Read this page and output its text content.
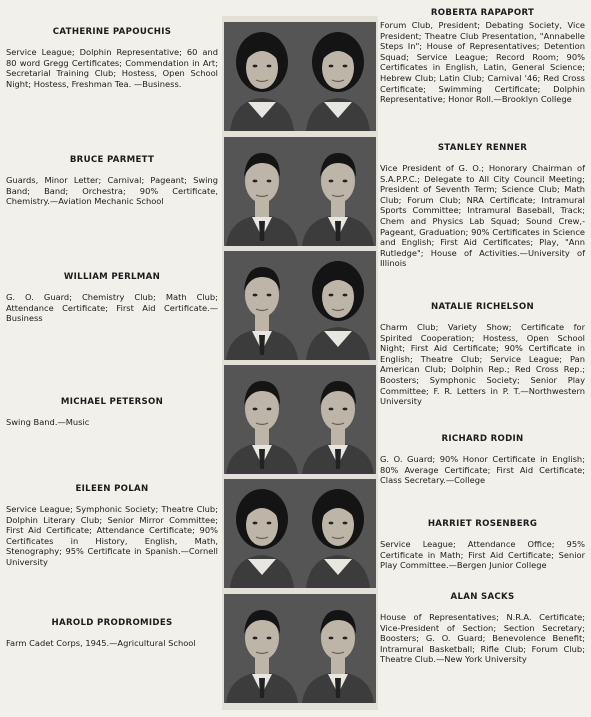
CATHERINE PAPOUCHIS

Service League; Dolphin Representative; 60 and 80 word Gregg Certificates; Commendation in Art; Secretarial Training Club; Hostess, Open School Night; Hostess, Freshman Tea. —Business.

BRUCE PARMETT

Guards, Minor Letter; Carnival; Pageant; Swing Band; Band; Orchestra; 90% Certificate, Chemistry.—Aviation Mechanic School

WILLIAM PERLMAN

G. O. Guard; Chemistry Club; Math Club; Attendance Certificate; First Aid Certificate.—Business

MICHAEL PETERSON

Swing Band.—Music

EILEEN POLAN

Service League; Symphonic Society; Theatre Club; Dolphin Literary Club; Senior Mirror Committee; First Aid Certificate; Attendance Certificate; 90% Certificates in History, English, Math, Stenography; 95% Certificate in Spanish.—Cornell University

HAROLD PRODROMIDES

Farm Cadet Corps, 1945.—Agricultural School

ROBERTA RAPAPORT

Forum Club, President; Debating Society, Vice President; Theatre Club Presentation, "Annabelle Steps In"; House of Representatives; Detention Squad; Service League; Record Room; 90% Certificates in English, Latin, General Science; Hebrew Club; Latin Club; Carnival '46; Red Cross Certificate; Swimming Certificate; Dolphin Representative; Honor Roll.—Brooklyn College

STANLEY RENNER

Vice President of G. O.; Honorary Chairman of S.A.P.P.C.; Delegate to All City Council Meeting; President of Seventh Term; Science Club; Math Club; Forum Club; NRA Certificate; Intramural Sports Committee; Intramural Baseball, Track; Chem and Physics Lab Squad; Sound Crew,-Pageant, Graduation; 90% Certificates in Science and English; First Aid Certificates; Play, "Ann Rutledge"; House of Activities.—University of Illinois

NATALIE RICHELSON

Charm Club; Variety Show; Certificate for Spirited Cooperation; Hostess, Open School Night; First Aid Certificate; 90% Certificate in English; Theatre Club; Service League; Pan American Club; Dolphin Rep.; Red Cross Rep.; Boosters; Symphonic Society; Senior Play Committee; F. R. Letters in P. T.—Northwestern University

RICHARD RODIN

G. O. Guard; 90% Honor Certificate in English; 80% Average Certificate; First Aid Certificate; Class Secretary.—College

HARRIET ROSENBERG

Service League; Attendance Office; 95% Certificate in Math; First Aid Certificate; Senior Play Committee.—Bergen Junior College

ALAN SACKS

House of Representatives; N.R.A. Certificate; Vice-President of Section; Section Secretary; Boosters; G. O. Guard; Benevolence Benefit; Intramural Basketball; Rifle Club; Forum Club; Theatre Club.—New York University
